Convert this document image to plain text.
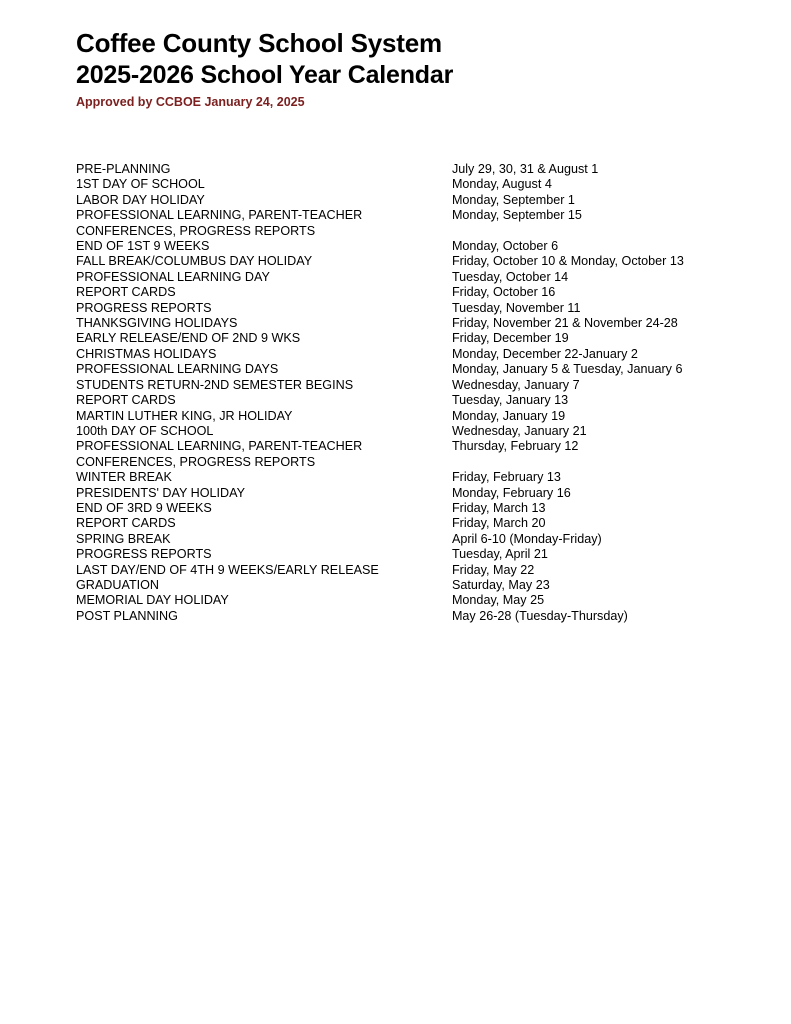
Coffee County School System
2025-2026 School Year Calendar
Approved by CCBOE January 24, 2025
PRE-PLANNING	July 29, 30, 31 & August 1
1ST DAY OF SCHOOL	Monday, August 4
LABOR DAY HOLIDAY	Monday, September 1
PROFESSIONAL LEARNING, PARENT-TEACHER	Monday, September 15
CONFERENCES, PROGRESS REPORTS	
END OF 1ST 9 WEEKS	Monday, October 6
FALL BREAK/COLUMBUS DAY HOLIDAY	Friday, October 10 & Monday, October 13
PROFESSIONAL LEARNING DAY	Tuesday, October 14
REPORT CARDS	Friday, October 16
PROGRESS REPORTS	Tuesday, November 11
THANKSGIVING HOLIDAYS	Friday, November 21 & November 24-28
EARLY RELEASE/END OF 2ND 9 WKS	Friday, December 19
CHRISTMAS HOLIDAYS	Monday, December 22-January 2
PROFESSIONAL LEARNING DAYS	Monday, January 5 & Tuesday, January 6
STUDENTS RETURN-2ND SEMESTER BEGINS	Wednesday, January 7
REPORT CARDS	Tuesday, January 13
MARTIN LUTHER KING, JR HOLIDAY	Monday, January 19
100th DAY OF SCHOOL	Wednesday, January 21
PROFESSIONAL LEARNING, PARENT-TEACHER	Thursday, February 12
CONFERENCES, PROGRESS REPORTS	
WINTER BREAK	Friday, February 13
PRESIDENTS' DAY HOLIDAY	Monday, February 16
END OF 3RD 9 WEEKS	Friday, March 13
REPORT CARDS	Friday, March 20
SPRING BREAK	April 6-10 (Monday-Friday)
PROGRESS REPORTS	Tuesday, April 21
LAST DAY/END OF 4TH 9 WEEKS/EARLY RELEASE	Friday, May 22
GRADUATION	Saturday, May 23
MEMORIAL DAY HOLIDAY	Monday, May 25
POST PLANNING	May 26-28 (Tuesday-Thursday)
